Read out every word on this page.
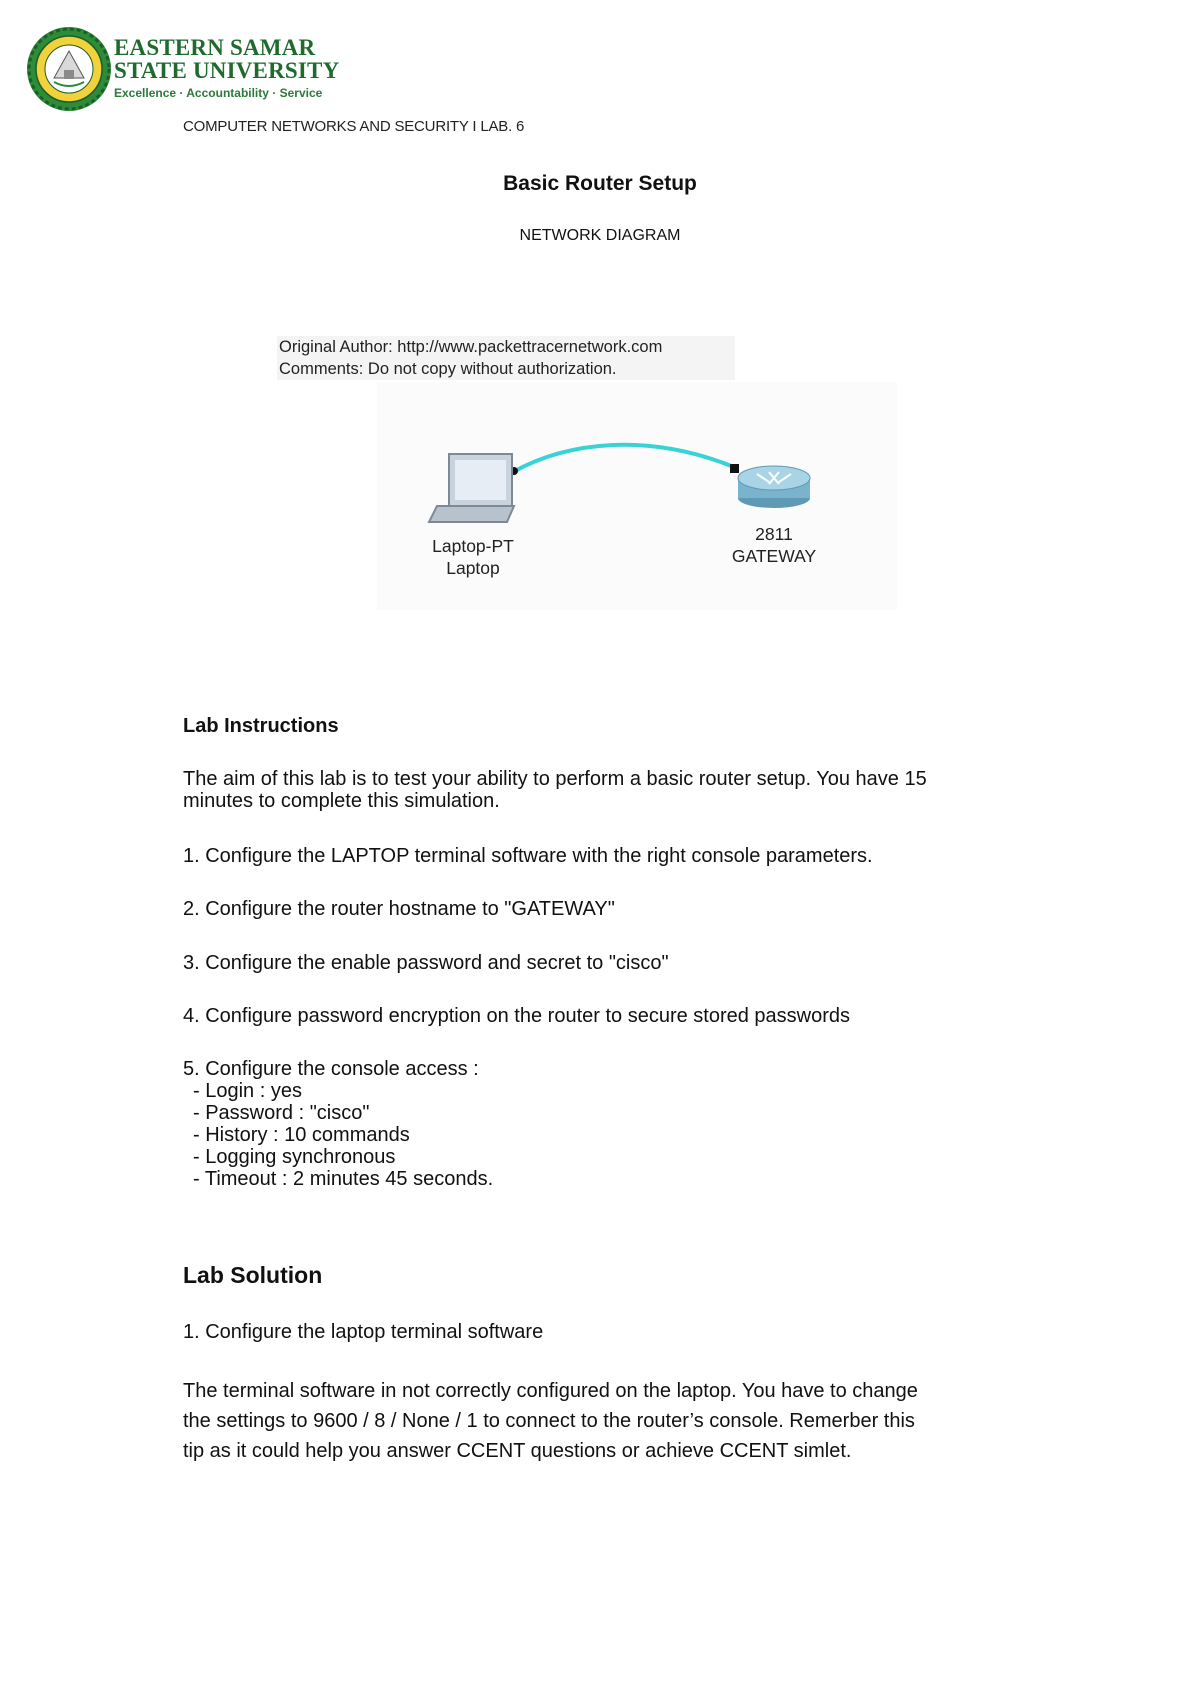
EASTERN SAMAR
STATE UNIVERSITY
Excellence · Accountability · Service
COMPUTER NETWORKS AND SECURITY I LAB. 6
Basic Router Setup
NETWORK DIAGRAM
Original Author: http://www.packettracernetwork.com
Comments: Do not copy without authorization.
Laptop-PT
Laptop
2811
GATEWAY
Lab Instructions
The aim of this lab is to test your ability to perform a basic router setup. You have 15
minutes to complete this simulation.
1. Configure the LAPTOP terminal software with the right console parameters.
2. Configure the router hostname to "GATEWAY"
3. Configure the enable password and secret to "cisco"
4. Configure password encryption on the router to secure stored passwords
5. Configure the console access :
- Login : yes
- Password : "cisco"
- History : 10 commands
- Logging synchronous
- Timeout : 2 minutes 45 seconds.
Lab Solution
1. Configure the laptop terminal software
The terminal software in not correctly configured on the laptop. You have to change
the settings to 9600 / 8 / None / 1 to connect to the router’s console. Remerber this
tip as it could help you answer CCENT questions or achieve CCENT simlet.
